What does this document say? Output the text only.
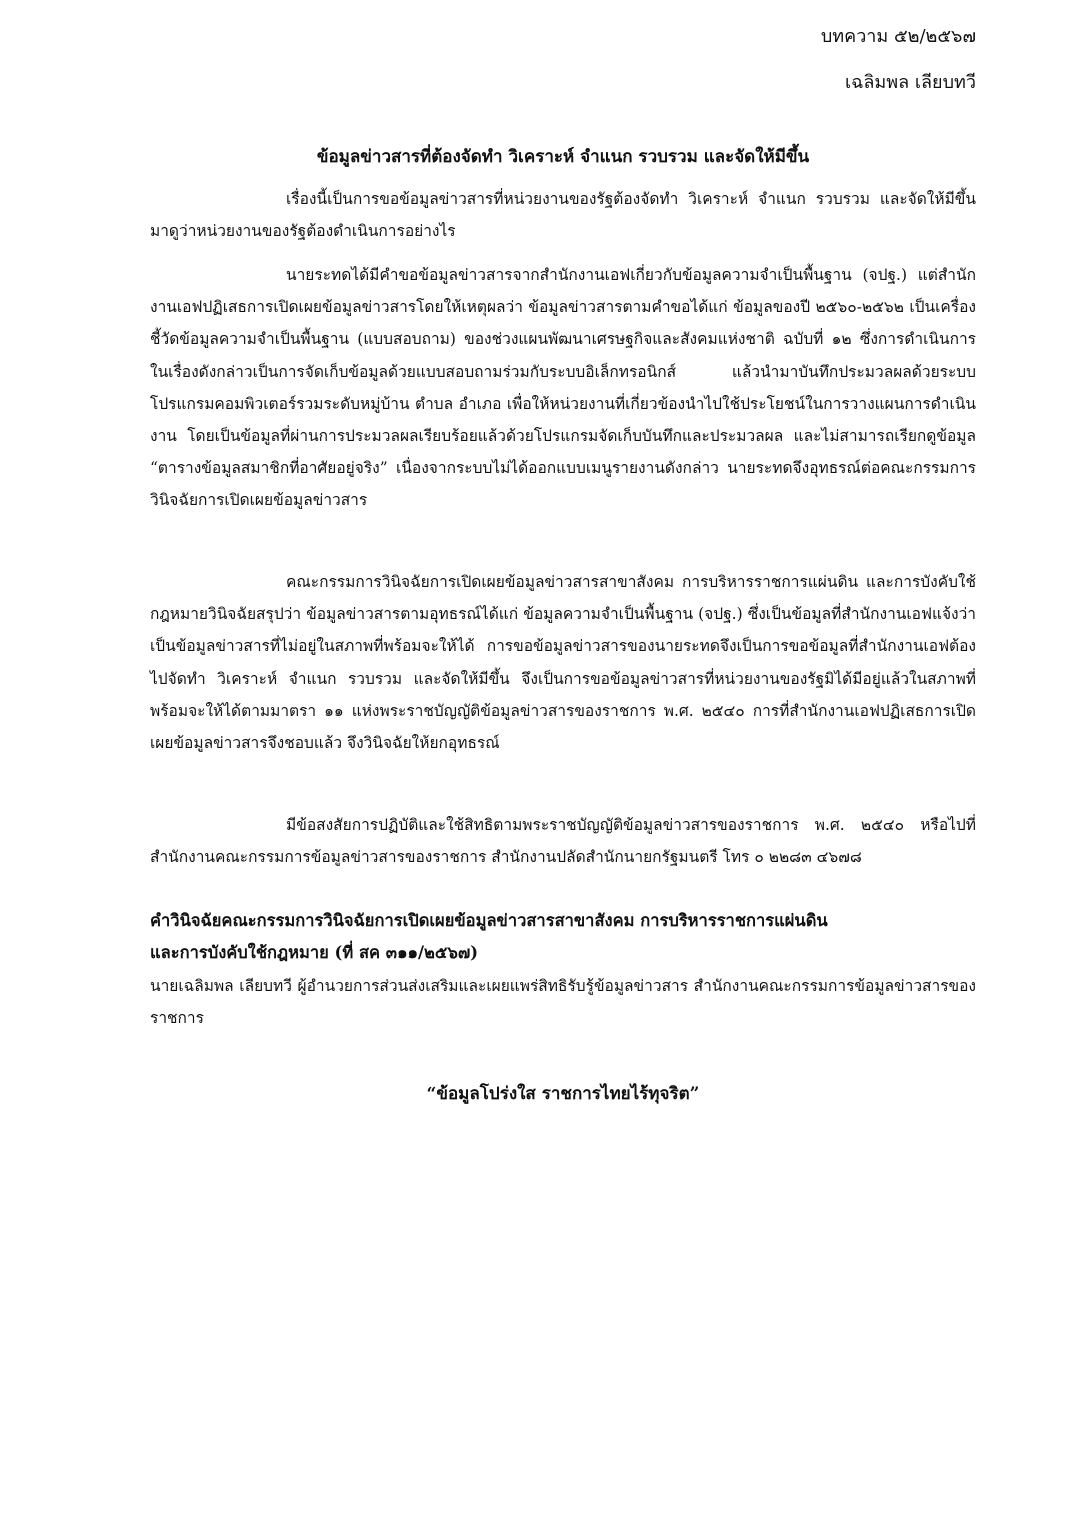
บทความ ๕๒/๒๕๖๗
เฉลิมพล เลียบทวี
ข้อมูลข่าวสารที่ต้องจัดทำ วิเคราะห์ จำแนก รวบรวม และจัดให้มีขึ้น

เรื่องนี้เป็นการขอข้อมูลข่าวสารที่หน่วยงานของรัฐต้องจัดทำ วิเคราะห์ จำแนก รวบรวม และจัดให้มีขึ้น มาดูว่าหน่วยงานของรัฐต้องดำเนินการอย่างไร

นายระทดได้มีคำขอข้อมูลข่าวสารจากสำนักงานเอฟเกี่ยวกับข้อมูลความจำเป็นพื้นฐาน (จปฐ.) แต่สำนักงานเอฟปฏิเสธการเปิดเผยข้อมูลข่าวสารโดยให้เหตุผลว่า ข้อมูลข่าวสารตามคำขอได้แก่ ข้อมูลของปี ๒๕๖๐-๒๕๖๒ เป็นเครื่องชี้วัดข้อมูลความจำเป็นพื้นฐาน (แบบสอบถาม) ของช่วงแผนพัฒนาเศรษฐกิจและสังคมแห่งชาติ ฉบับที่ ๑๒ ซึ่งการดำเนินการในเรื่องดังกล่าวเป็นการจัดเก็บข้อมูลด้วยแบบสอบถามร่วมกับระบบอิเล็กทรอนิกส์ แล้วนำมาบันทึกประมวลผลด้วยระบบโปรแกรมคอมพิวเตอร์รวมระดับหมู่บ้าน ตำบล อำเภอ เพื่อให้หน่วยงานที่เกี่ยวข้องนำไปใช้ประโยชน์ในการวางแผนการดำเนินงาน โดยเป็นข้อมูลที่ผ่านการประมวลผลเรียบร้อยแล้วด้วยโปรแกรมจัดเก็บบันทึกและประมวลผล และไม่สามารถเรียกดูข้อมูล “ตารางข้อมูลสมาชิกที่อาศัยอยู่จริง” เนื่องจากระบบไม่ได้ออกแบบเมนูรายงานดังกล่าว นายระทดจึงอุทธรณ์ต่อคณะกรรมการวินิจฉัยการเปิดเผยข้อมูลข่าวสาร

คณะกรรมการวินิจฉัยการเปิดเผยข้อมูลข่าวสารสาขาสังคม การบริหารราชการแผ่นดิน และการบังคับใช้กฎหมายวินิจฉัยสรุปว่า ข้อมูลข่าวสารตามอุทธรณ์ได้แก่ ข้อมูลความจำเป็นพื้นฐาน (จปฐ.) ซึ่งเป็นข้อมูลที่สำนักงานเอฟแจ้งว่าเป็นข้อมูลข่าวสารที่ไม่อยู่ในสภาพที่พร้อมจะให้ได้ การขอข้อมูลข่าวสารของนายระทดจึงเป็นการขอข้อมูลที่สำนักงานเอฟต้องไปจัดทำ วิเคราะห์ จำแนก รวบรวม และจัดให้มีขึ้น จึงเป็นการขอข้อมูลข่าวสารที่หน่วยงานของรัฐมิได้มีอยู่แล้วในสภาพที่พร้อมจะให้ได้ตามมาตรา ๑๑ แห่งพระราชบัญญัติข้อมูลข่าวสารของราชการ พ.ศ. ๒๕๔๐ การที่สำนักงานเอฟปฏิเสธการเปิดเผยข้อมูลข่าวสารจึงชอบแล้ว จึงวินิจฉัยให้ยกอุทธรณ์

มีข้อสงสัยการปฏิบัติและใช้สิทธิตามพระราชบัญญัติข้อมูลข่าวสารของราชการ พ.ศ. ๒๕๔๐ หรือไปที่สำนักงานคณะกรรมการข้อมูลข่าวสารของราชการ สำนักงานปลัดสำนักนายกรัฐมนตรี โทร ๐ ๒๒๘๓ ๔๖๗๘

คำวินิจฉัยคณะกรรมการวินิจฉัยการเปิดเผยข้อมูลข่าวสารสาขาสังคม การบริหารราชการแผ่นดิน
และการบังคับใช้กฎหมาย (ที่ สค ๓๑๑/๒๕๖๗)
นายเฉลิมพล เลียบทวี ผู้อำนวยการส่วนส่งเสริมและเผยแพร่สิทธิรับรู้ข้อมูลข่าวสาร สำนักงานคณะกรรมการข้อมูลข่าวสารของราชการ
“ข้อมูลโปร่งใส ราชการไทยไร้ทุจริต”
